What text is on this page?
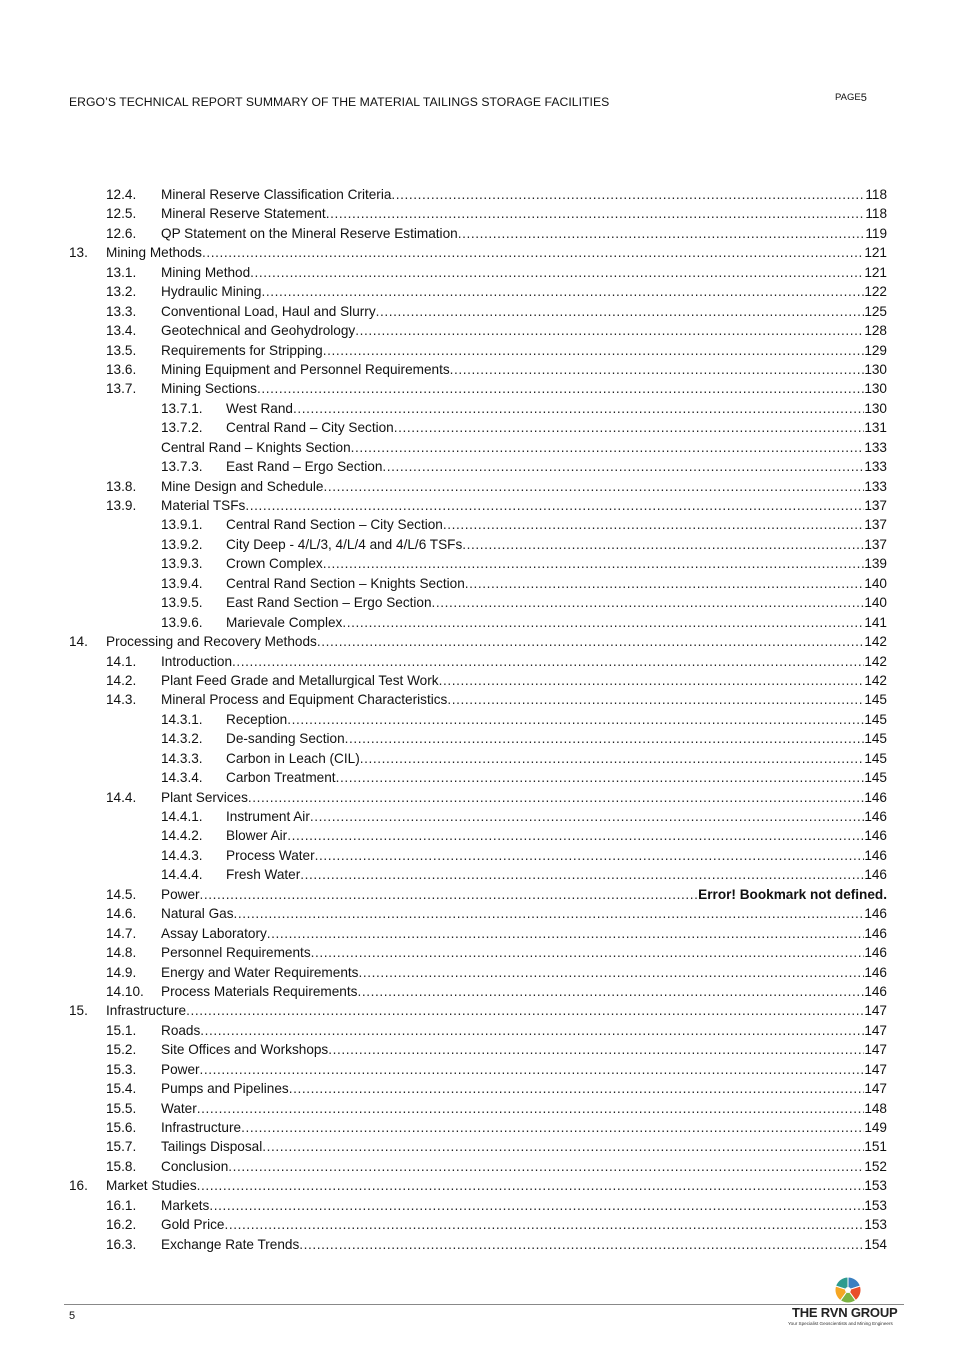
ERGO’S TECHNICAL REPORT SUMMARY OF THE MATERIAL TAILINGS STORAGE FACILITIES	PAGE 5
12.4. Mineral Reserve Classification Criteria .....	118
12.5. Mineral Reserve Statement .....	118
12.6. QP Statement on the Mineral Reserve Estimation .....	119
13. Mining Methods .....	121
13.1. Mining Method .....	121
13.2. Hydraulic Mining .....	122
13.3. Conventional Load, Haul and Slurry .....	125
13.4. Geotechnical and Geohydrology .....	128
13.5. Requirements for Stripping .....	129
13.6. Mining Equipment and Personnel Requirements .....	130
13.7. Mining Sections .....	130
13.7.1. West Rand .....	130
13.7.2. Central Rand – City Section .....	131
Central Rand – Knights Section .....	133
13.7.3. East Rand – Ergo Section .....	133
13.8. Mine Design and Schedule .....	133
13.9. Material TSFs .....	137
13.9.1. Central Rand Section – City Section .....	137
13.9.2. City Deep - 4/L/3, 4/L/4 and 4/L/6 TSFs .....	137
13.9.3. Crown Complex .....	139
13.9.4. Central Rand Section – Knights Section .....	140
13.9.5. East Rand Section – Ergo Section .....	140
13.9.6. Marievale Complex .....	141
14. Processing and Recovery Methods .....	142
14.1. Introduction .....	142
14.2. Plant Feed Grade and Metallurgical Test Work .....	142
14.3. Mineral Process and Equipment Characteristics .....	145
14.3.1. Reception .....	145
14.3.2. De-sanding Section .....	145
14.3.3. Carbon in Leach (CIL) .....	145
14.3.4. Carbon Treatment .....	145
14.4. Plant Services .....	146
14.4.1. Instrument Air .....	146
14.4.2. Blower Air .....	146
14.4.3. Process Water .....	146
14.4.4. Fresh Water .....	146
14.5. Power .....	Error! Bookmark not defined.
14.6. Natural Gas .....	146
14.7. Assay Laboratory .....	146
14.8. Personnel Requirements .....	146
14.9. Energy and Water Requirements .....	146
14.10. Process Materials Requirements .....	146
15. Infrastructure .....	147
15.1. Roads .....	147
15.2. Site Offices and Workshops .....	147
15.3. Power .....	147
15.4. Pumps and Pipelines .....	147
15.5. Water .....	148
15.6. Infrastructure .....	149
15.7. Tailings Disposal .....	151
15.8. Conclusion .....	152
16. Market Studies .....	153
16.1. Markets .....	153
16.2. Gold Price .....	153
16.3. Exchange Rate Trends .....	154
5	THE RVN GROUP
Your Specialist Geoscientists and Mining Engineers
